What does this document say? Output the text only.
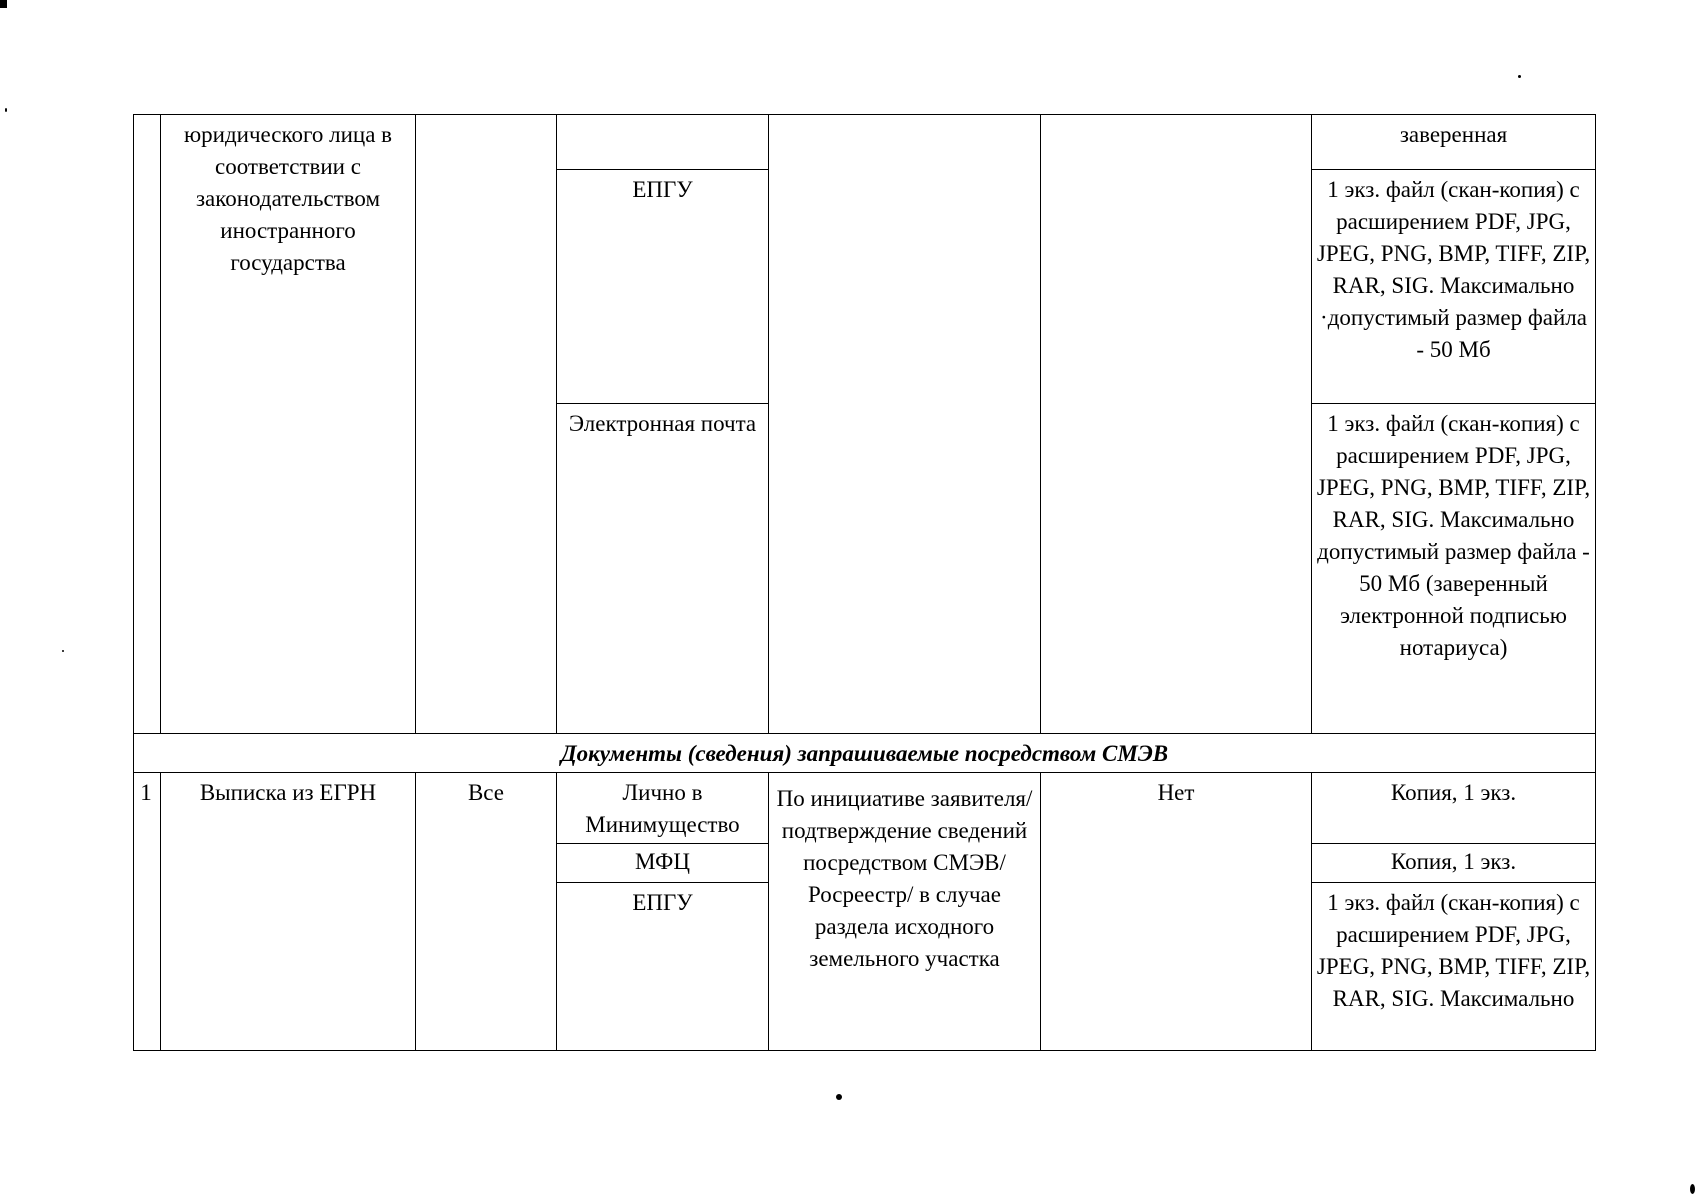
	юридического лица в соответствии с законодательством иностранного государства					заверенная
			ЕПГУ			1 экз. файл (скан-копия) с расширением PDF, JPG, JPEG, PNG, BMP, TIFF, ZIP, RAR, SIG. Максимально ·допустимый размер файла - 50 Мб
			Электронная почта			1 экз. файл (скан-копия) с расширением PDF, JPG, JPEG, PNG, BMP, TIFF, ZIP, RAR, SIG. Максимально допустимый размер файла - 50 Мб (заверенный электронной подписью нотариуса)
Документы (сведения) запрашиваемые посредством СМЭВ						
1	Выписка из ЕГРН	Все	Лично в Минимущество	По инициативе заявителя/ подтверждение сведений посредством СМЭВ/ Росреестр/ в случае раздела исходного земельного участка	Нет	Копия, 1 экз.
			МФЦ			Копия, 1 экз.
			ЕПГУ			1 экз. файл (скан-копия) с расширением PDF, JPG, JPEG, PNG, BMP, TIFF, ZIP, RAR, SIG. Максимально
